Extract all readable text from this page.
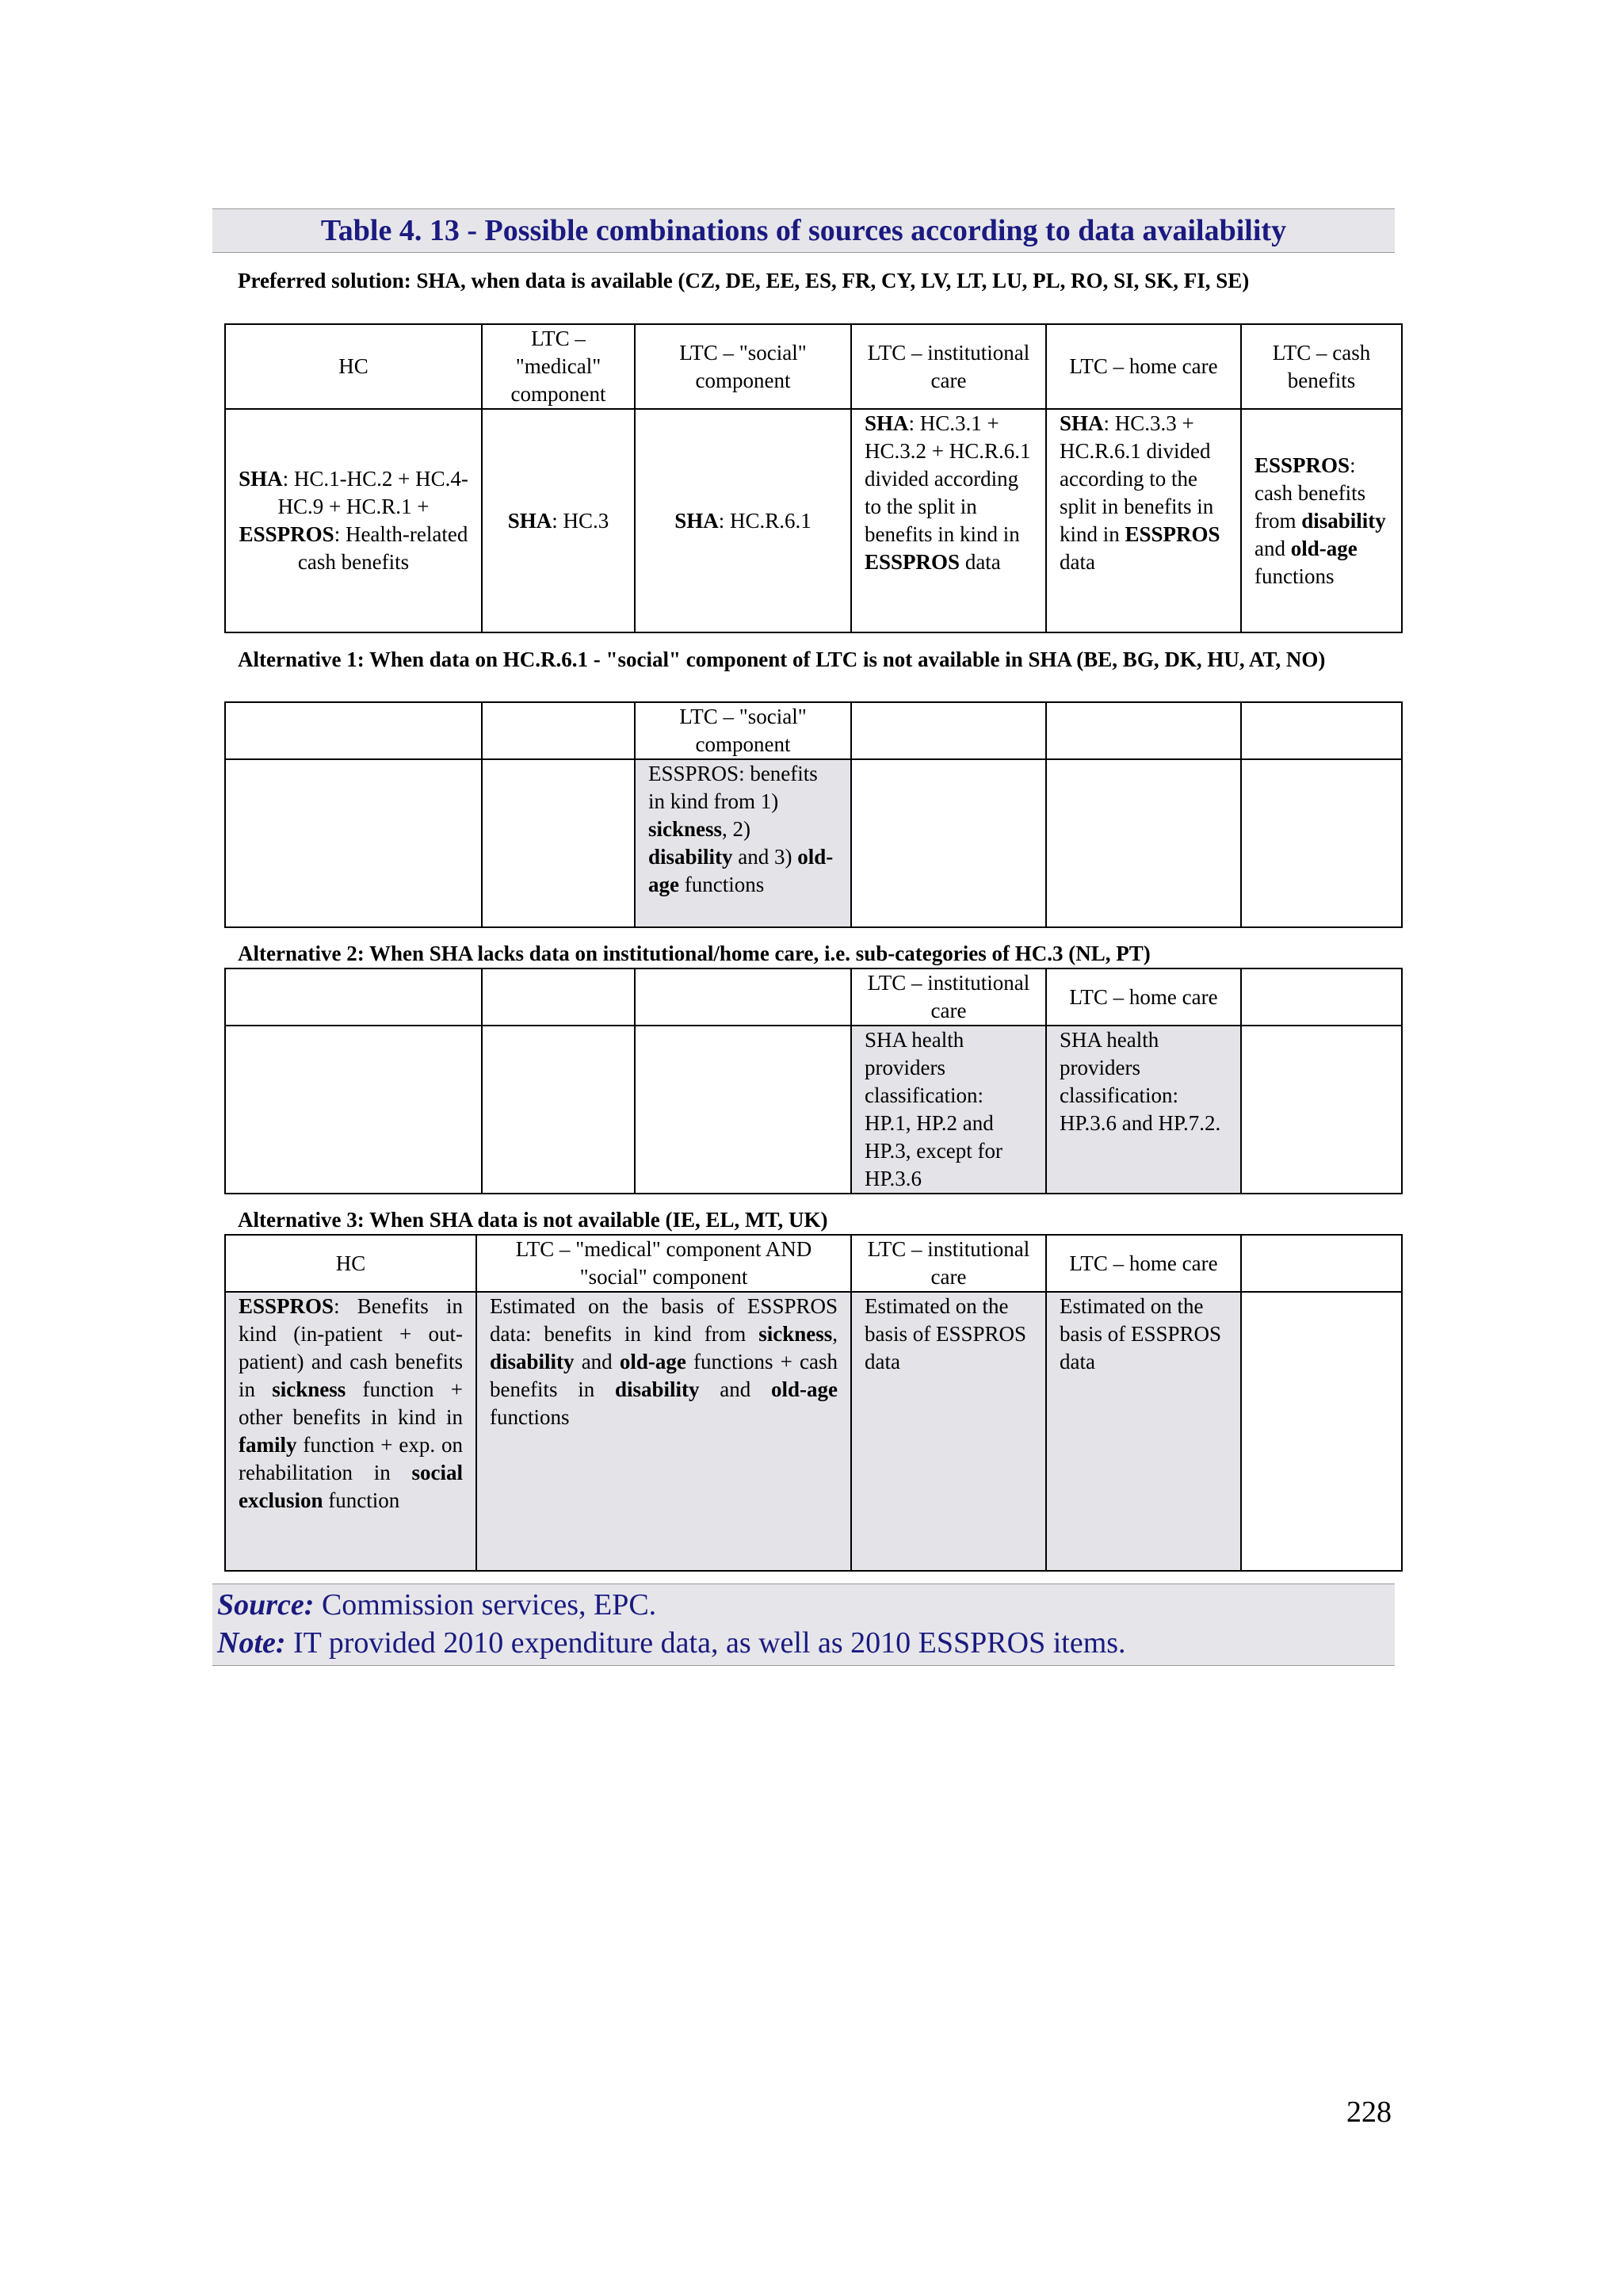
Table 4. 13 - Possible combinations of sources according to data availability
Preferred solution: SHA, when data is available (CZ, DE, EE, ES, FR, CY, LV, LT, LU, PL, RO, SI, SK, FI, SE)
HC	LTC – "medical" component	LTC – "social" component	LTC – institutional care	LTC – home care	LTC – cash benefits
SHA: HC.1-HC.2 + HC.4-HC.9 + HC.R.1 + ESSPROS: Health-related cash benefits	SHA: HC.3	SHA: HC.R.6.1	SHA: HC.3.1 + HC.3.2 + HC.R.6.1 divided according to the split in benefits in kind in ESSPROS data	SHA: HC.3.3 + HC.R.6.1 divided according to the split in benefits in kind in ESSPROS data	ESSPROS: cash benefits from disability and old-age functions
Alternative 1: When data on HC.R.6.1 - "social" component of LTC is not available in SHA (BE, BG, DK, HU, AT, NO)
		LTC – "social" component			
		ESSPROS: benefits in kind from 1) sickness, 2) disability and 3) old-age functions			
Alternative 2: When SHA lacks data on institutional/home care, i.e. sub-categories of HC.3 (NL, PT)
			LTC – institutional care	LTC – home care	
			SHA health providers classification: HP.1, HP.2 and HP.3, except for HP.3.6	SHA health providers classification: HP.3.6 and HP.7.2.	
Alternative 3: When SHA data is not available (IE, EL, MT, UK)
HC	LTC – "medical" component AND "social" component	LTC – institutional care	LTC – home care	
ESSPROS: Benefits in kind (in-patient + out-patient) and cash benefits in sickness function + other benefits in kind in family function + exp. on rehabilitation in social exclusion function	Estimated on the basis of ESSPROS data: benefits in kind from sickness, disability and old-age functions + cash benefits in disability and old-age functions	Estimated on the basis of ESSPROS data	Estimated on the basis of ESSPROS data	
Source: Commission services, EPC.
Note: IT provided 2010 expenditure data, as well as 2010 ESSPROS items.
228
